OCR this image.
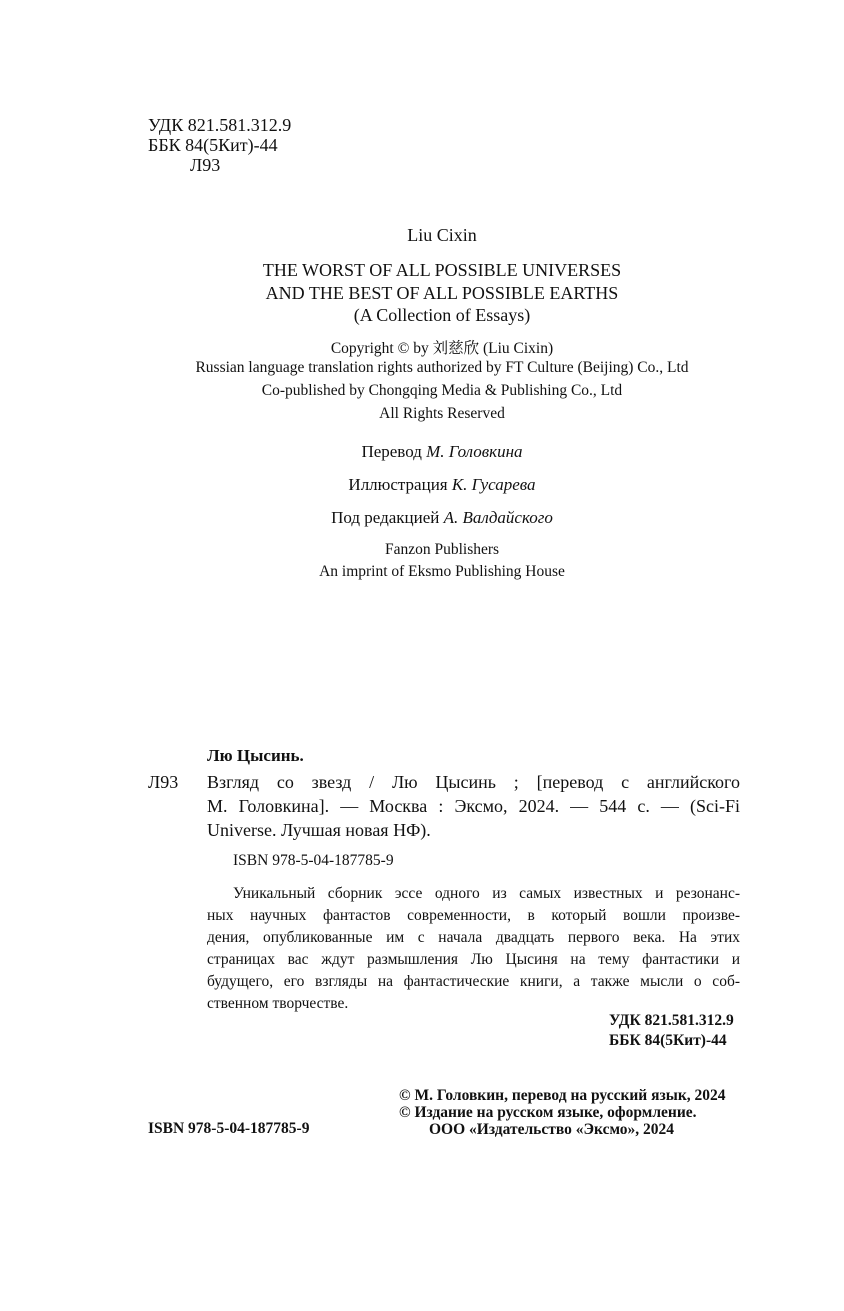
УДК 821.581.312.9
ББК 84(5Кит)-44
Л93
Liu Cixin
THE WORST OF ALL POSSIBLE UNIVERSES
AND THE BEST OF ALL POSSIBLE EARTHS
(A Collection of Essays)
Copyright © by 刘慈欣 (Liu Cixin)
Russian language translation rights authorized by FT Culture (Beijing) Co., Ltd
Co-published by Chongqing Media & Publishing Co., Ltd
All Rights Reserved
Перевод М. Головкина
Иллюстрация К. Гусарева
Под редакцией А. Валдайского
Fanzon Publishers
An imprint of Eksmo Publishing House
Лю Цысинь.
Л93 Взгляд со звезд / Лю Цысинь ; [перевод с английского
М. Головкина]. — Москва : Эксмо, 2024. — 544 с. — (Sci-Fi
Universe. Лучшая новая НФ).
ISBN 978-5-04-187785-9
Уникальный сборник эссе одного из самых известных и резонанс-
ных научных фантастов современности, в который вошли произве-
дения, опубликованные им с начала двадцать первого века. На этих
страницах вас ждут размышления Лю Цысиня на тему фантастики и
будущего, его взгляды на фантастические книги, а также мысли о соб-
ственном творчестве.
УДК 821.581.312.9
ББК 84(5Кит)-44
© М. Головкин, перевод на русский язык, 2024
© Издание на русском языке, оформление.
ISBN 978-5-04-187785-9	ООО «Издательство «Эксмо», 2024
